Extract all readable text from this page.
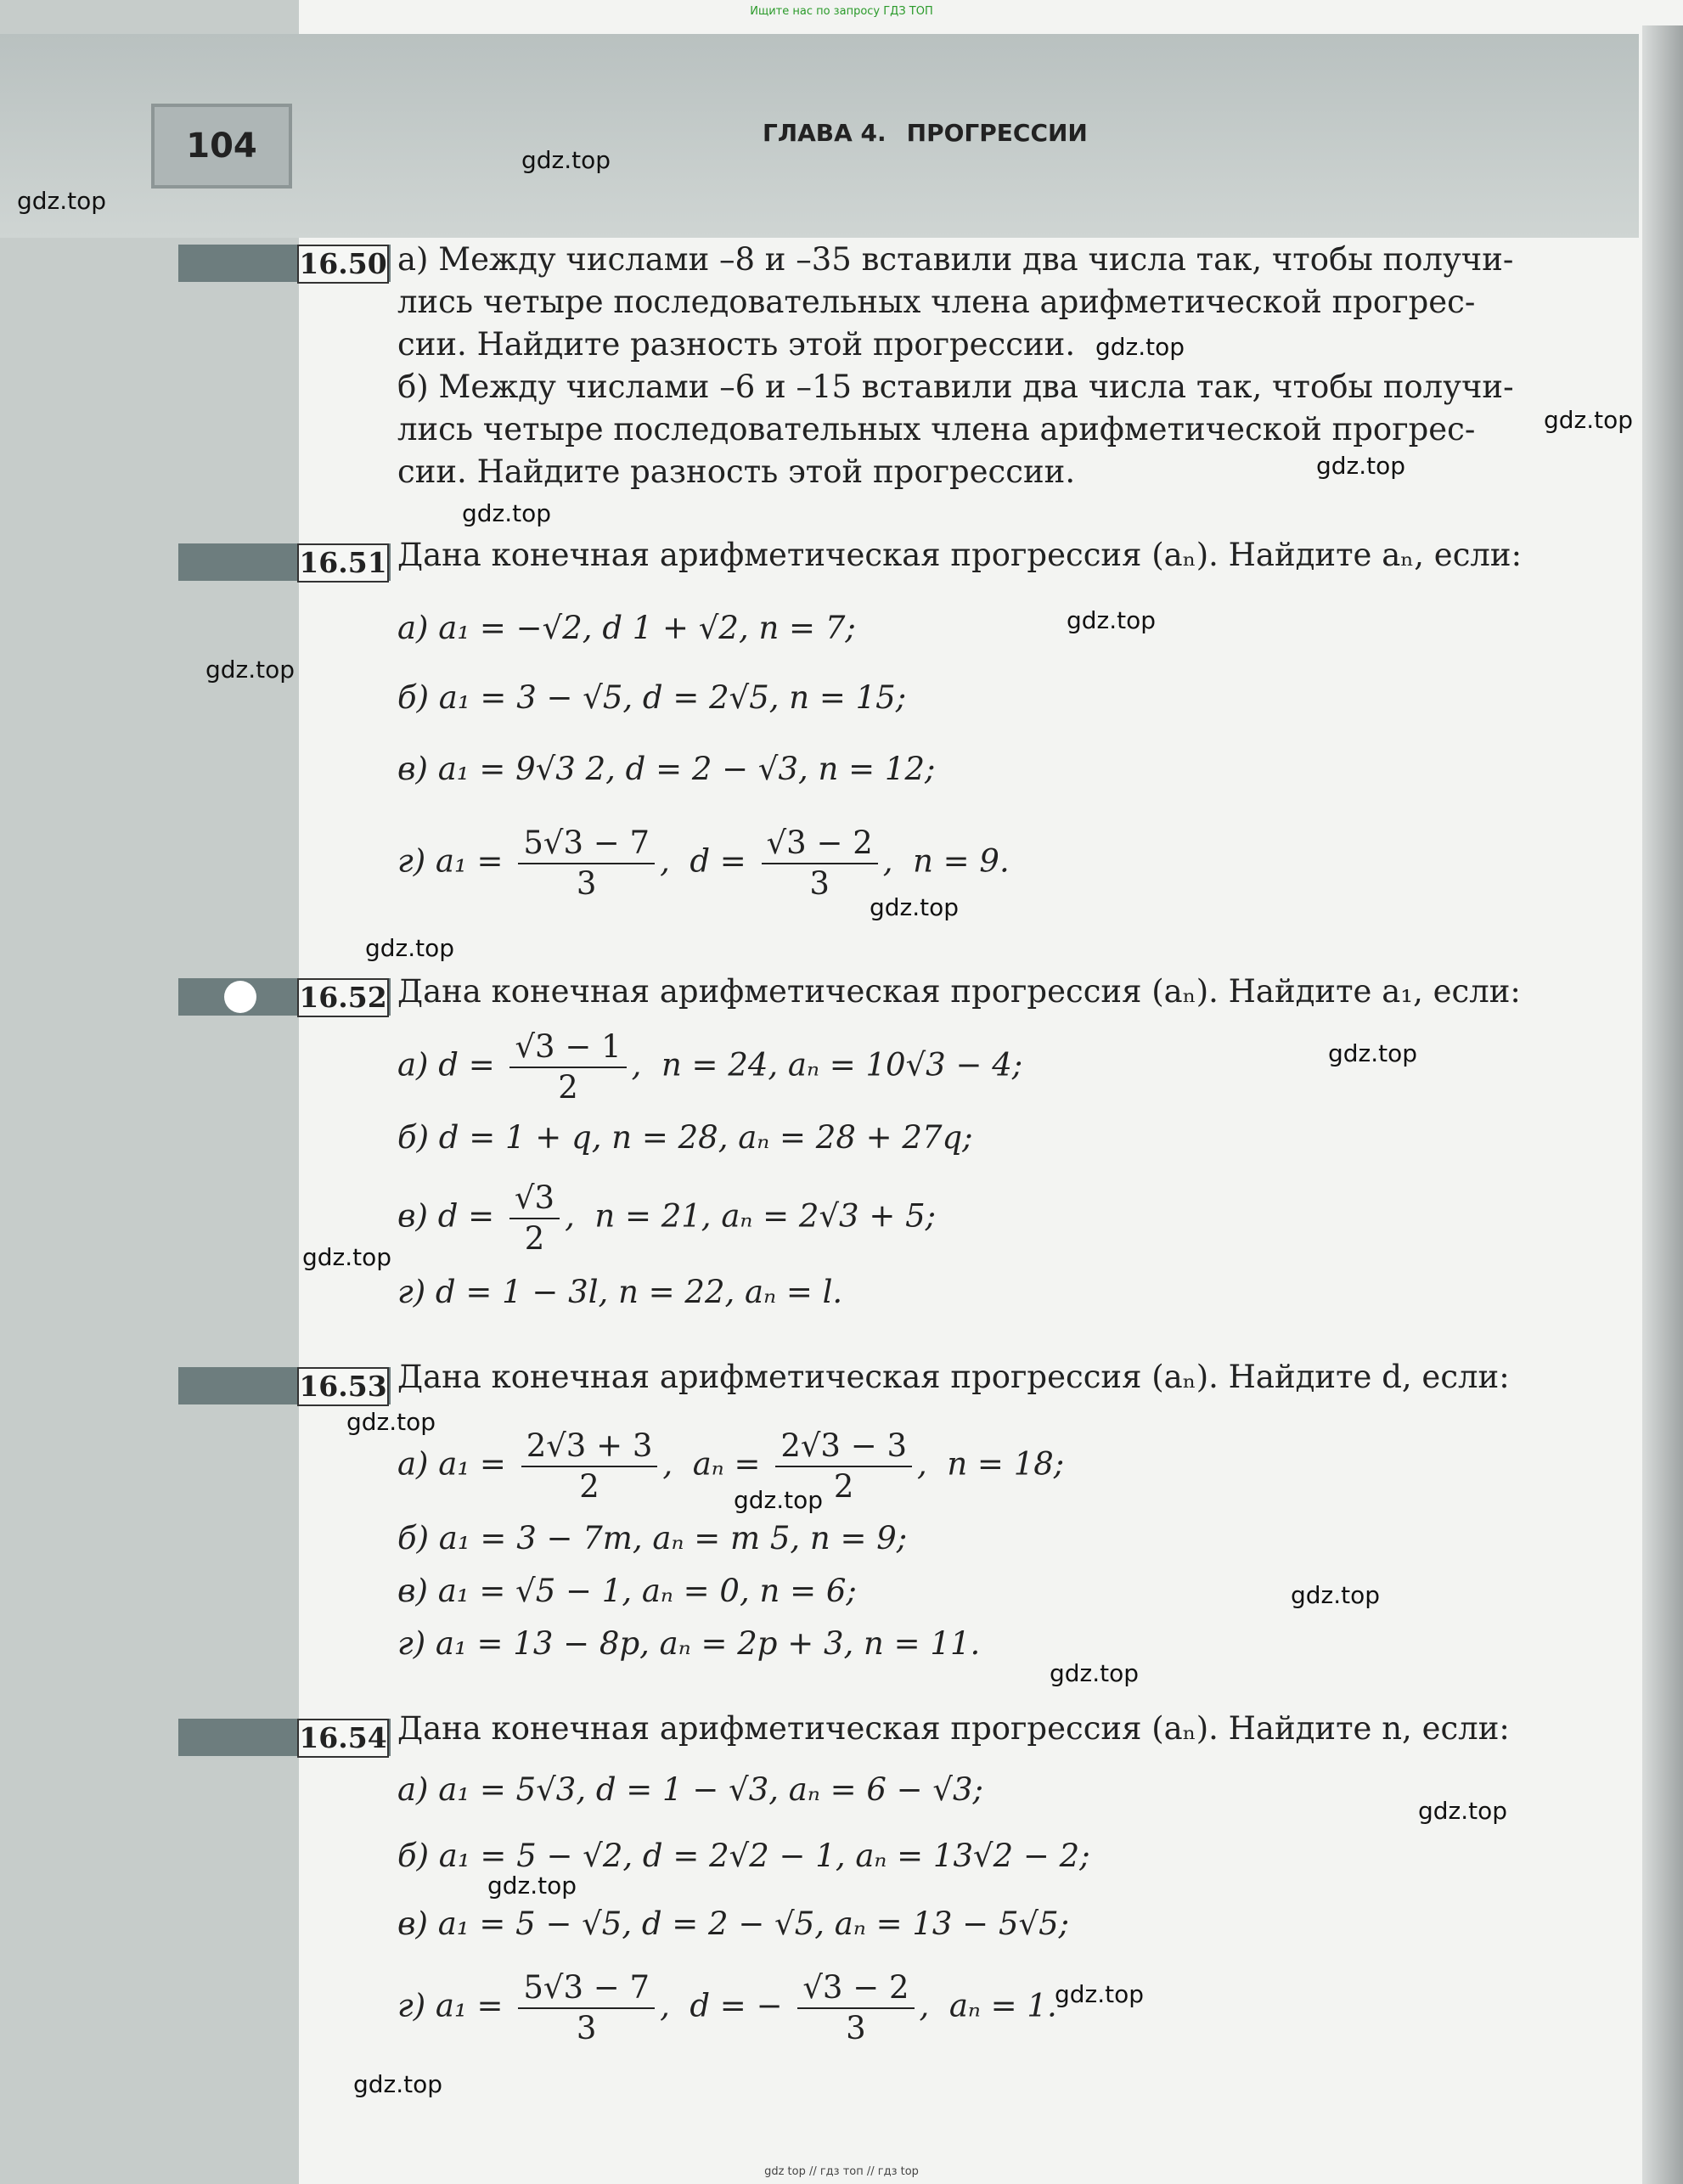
Ищите нас по запросу ГДЗ ТОП
104	ГЛАВА 4. ПРОГРЕССИИ
gdz.top
gdz.top
gdz.top
gdz.top
gdz.top
gdz.top
gdz.top
gdz.top
gdz.top
gdz.top
gdz.top
gdz.top
gdz.top
gdz.top
gdz.top
gdz.top
gdz.top
gdz.top
gdz.top
gdz.top
16.50 а) Между числами –8 и –35 вставили два числа так, чтобы получи-
лись четыре последовательных члена арифметической прогрес-
сии. Найдите разность этой прогрессии.
б) Между числами –6 и –15 вставили два числа так, чтобы получи-
лись четыре последовательных члена арифметической прогрес-
сии. Найдите разность этой прогрессии.
16.51 Дана конечная арифметическая прогрессия (aₙ). Найдите aₙ, если:
а) a₁ = −√2, d 1 + √2, n = 7;
б) a₁ = 3 − √5, d = 2√5, n = 15;
в) a₁ = 9√3 2, d = 2 − √3, n = 12;
г) $a_1 = \frac{5√3 - 7}{3}$ ,  $d = \frac{√3 - 2}{3}$ ,  n = 9.
16.52 Дана конечная арифметическая прогрессия (aₙ). Найдите a₁, если:
а) $d = \frac{√3 - 1}{2}$ ,  n = 24, aₙ = 10√3 − 4;
б) d = 1 + q, n = 28, aₙ = 28 + 27q;
в) $d = \frac{√3}{2}$ ,  n = 21, aₙ = 2√3 + 5;
г) d = 1 − 3l, n = 22, aₙ = l.
16.53 Дана конечная арифметическая прогрессия (aₙ). Найдите d, если:
а) $a_1 = \frac{2√3 + 3}{2}$ ,  $a_n = \frac{2√3 - 3}{2}$ ,  n = 18;
б) a₁ = 3 − 7m, aₙ = m 5, n = 9;
в) a₁ = √5 − 1, aₙ = 0, n = 6;
г) a₁ = 13 − 8p, aₙ = 2p + 3, n = 11.
16.54 Дана конечная арифметическая прогрессия (aₙ). Найдите n, если:
а) a₁ = 5√3, d = 1 − √3, aₙ = 6 − √3;
б) a₁ = 5 − √2, d = 2√2 − 1, aₙ = 13√2 − 2;
в) a₁ = 5 − √5, d = 2 − √5, aₙ = 13 − 5√5;
г) $a_1 = \frac{5√3 - 7}{3}$ ,  d = − $\frac{√3 - 2}{3}$ ,  aₙ = 1.
gdz top // гдз топ // гдз top
